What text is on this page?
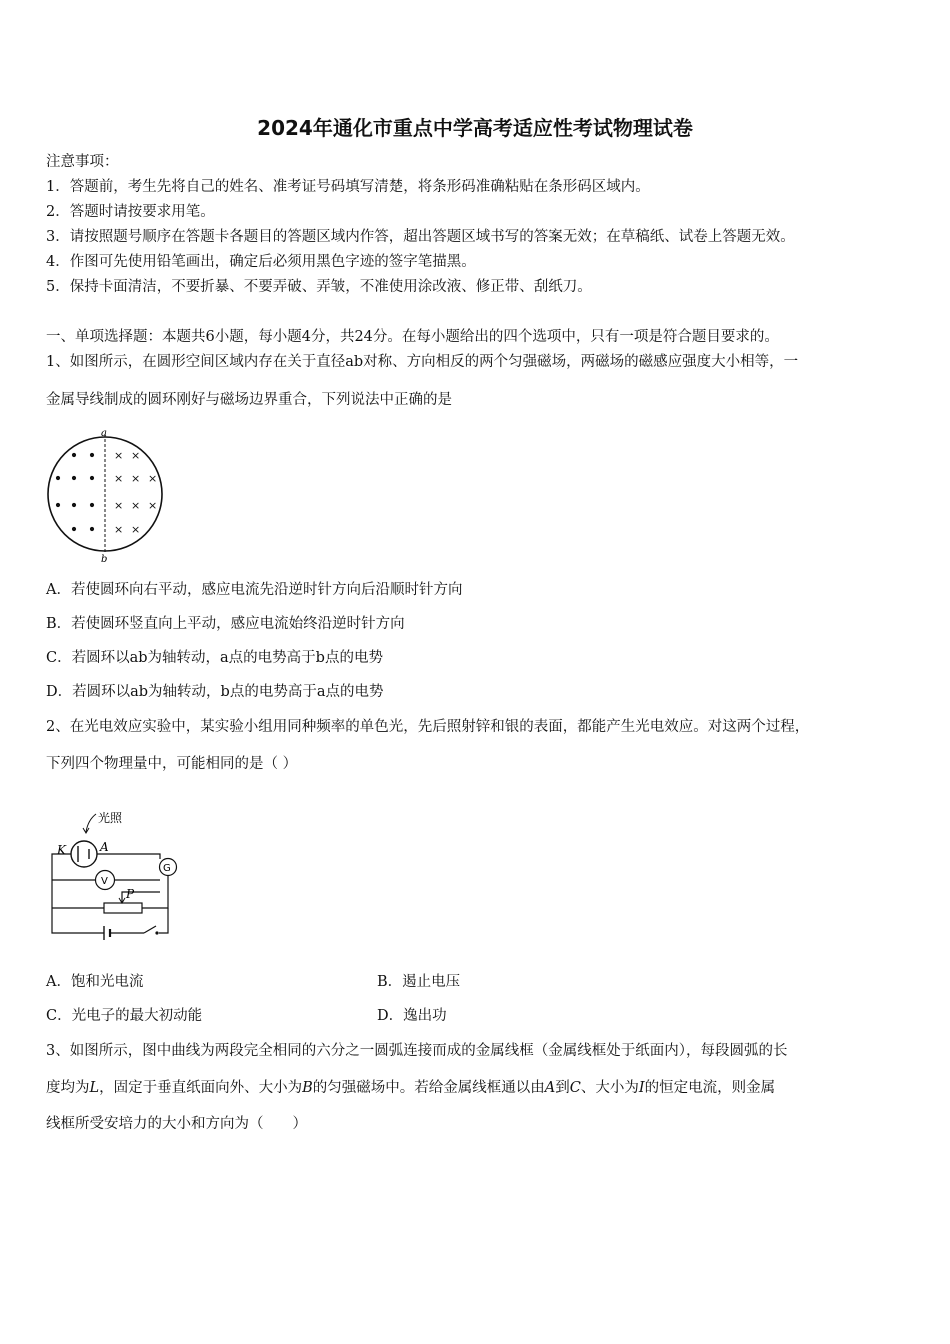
2024年通化市重点中学高考适应性考试物理试卷
注意事项：
1．答题前，考生先将自己的姓名、准考证号码填写清楚，将条形码准确粘贴在条形码区域内。
2．答题时请按要求用笔。
3．请按照题号顺序在答题卡各题目的答题区域内作答，超出答题区域书写的答案无效；在草稿纸、试卷上答题无效。
4．作图可先使用铅笔画出，确定后必须用黑色字迹的签字笔描黑。
5．保持卡面清洁，不要折暴、不要弄破、弄皱，不准使用涂改液、修正带、刮纸刀。
一、单项选择题：本题共6小题，每小题4分，共24分。在每小题给出的四个选项中，只有一项是符合题目要求的。
1、如图所示，在圆形空间区域内存在关于直径ab对称、方向相反的两个匀强磁场，两磁场的磁感应强度大小相等，一
金属导线制成的圆环刚好与磁场边界重合，下列说法中正确的是
a
b
× ×
× × ×
× × ×
× ×
A．若使圆环向右平动，感应电流先沿逆时针方向后沿顺时针方向
B．若使圆环竖直向上平动，感应电流始终沿逆时针方向
C．若圆环以ab为轴转动，a点的电势高于b点的电势
D．若圆环以ab为轴转动，b点的电势高于a点的电势
2、在光电效应实验中，某实验小组用同种频率的单色光，先后照射锌和银的表面，都能产生光电效应。对这两个过程，
下列四个物理量中，可能相同的是（ ）
光照
K	A
G
V
P
A．饱和光电流	B．遏止电压
C．光电子的最大初动能	D．逸出功
3、如图所示，图中曲线为两段完全相同的六分之一圆弧连接而成的金属线框（金属线框处于纸面内），每段圆弧的长
度均为L，固定于垂直纸面向外、大小为B的匀强磁场中。若给金属线框通以由A到C、大小为I的恒定电流，则金属
线框所受安培力的大小和方向为（　　）
